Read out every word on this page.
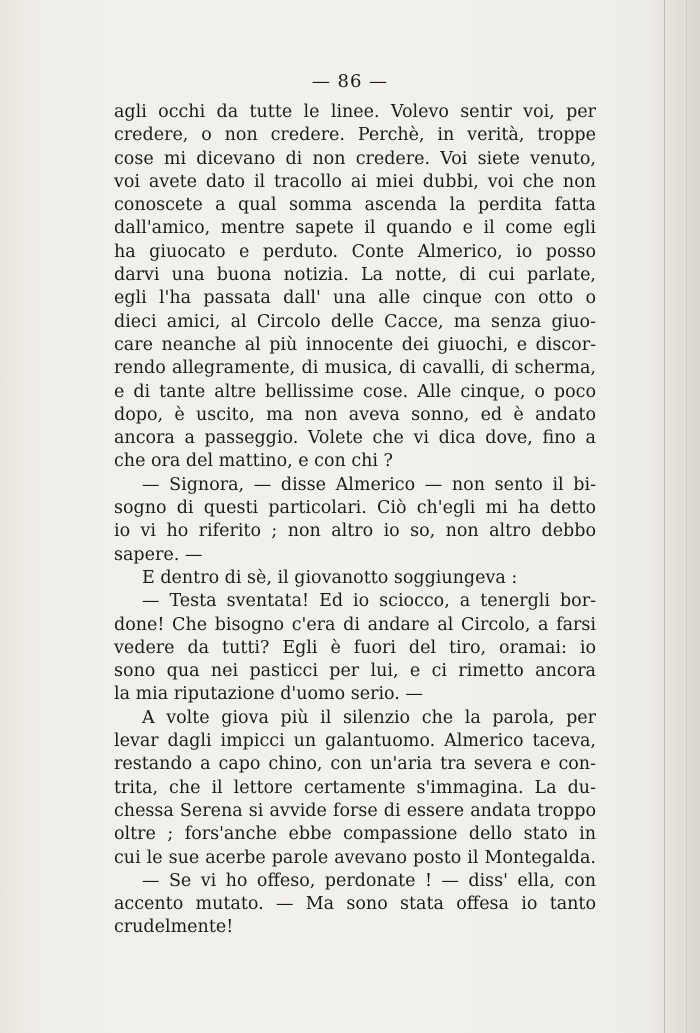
— 86 —
agli occhi da tutte le linee. Volevo sentir voi, per
credere, o non credere. Perchè, in verità, troppe
cose mi dicevano di non credere. Voi siete venuto,
voi avete dato il tracollo ai miei dubbi, voi che non
conoscete a qual somma ascenda la perdita fatta
dall'amico, mentre sapete il quando e il come egli
ha giuocato e perduto. Conte Almerico, io posso
darvi una buona notizia. La notte, di cui parlate,
egli l'ha passata dall' una alle cinque con otto o
dieci amici, al Circolo delle Cacce, ma senza giuo-
care neanche al più innocente dei giuochi, e discor-
rendo allegramente, di musica, di cavalli, di scherma,
e di tante altre bellissime cose. Alle cinque, o poco
dopo, è uscito, ma non aveva sonno, ed è andato
ancora a passeggio. Volete che vi dica dove, fino a
che ora del mattino, e con chi ?
— Signora, — disse Almerico — non sento il bi-
sogno di questi particolari. Ciò ch'egli mi ha detto
io vi ho riferito ; non altro io so, non altro debbo
sapere. —
E dentro di sè, il giovanotto soggiungeva :
— Testa sventata! Ed io sciocco, a tenergli bor-
done! Che bisogno c'era di andare al Circolo, a farsi
vedere da tutti? Egli è fuori del tiro, oramai: io
sono qua nei pasticci per lui, e ci rimetto ancora
la mia riputazione d'uomo serio. —
A volte giova più il silenzio che la parola, per
levar dagli impicci un galantuomo. Almerico taceva,
restando a capo chino, con un'aria tra severa e con-
trita, che il lettore certamente s'immagina. La du-
chessa Serena si avvide forse di essere andata troppo
oltre ; fors'anche ebbe compassione dello stato in
cui le sue acerbe parole avevano posto il Montegalda.
— Se vi ho offeso, perdonate ! — diss' ella, con
accento mutato. — Ma sono stata offesa io tanto
crudelmente!
